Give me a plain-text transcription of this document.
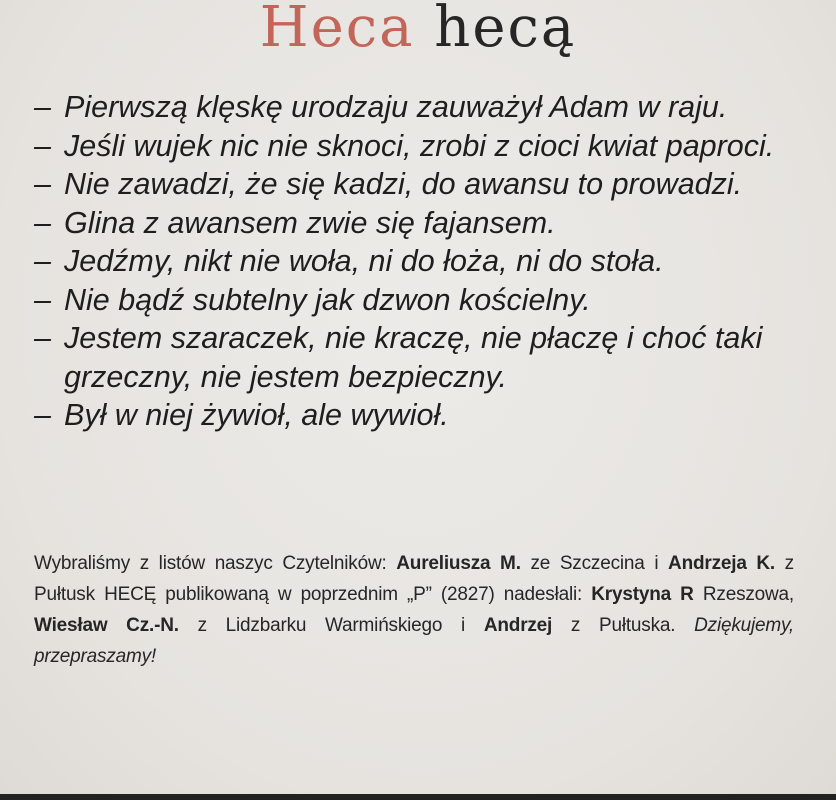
Heca hecą
– Pierwszą klęskę urodzaju zauważył Adam w raju.
– Jeśli wujek nic nie sknoci, zrobi z cioci kwiat paproci.
– Nie zawadzi, że się kadzi, do awansu to prowadzi.
– Glina z awansem zwie się fajansem.
– Jedźmy, nikt nie woła, ni do łoża, ni do stoła.
– Nie bądź subtelny jak dzwon kościelny.
– Jestem szaraczek, nie kraczę, nie płaczę i choć taki grzeczny, nie jestem bezpieczny.
– Był w niej żywioł, ale wywioł.

Wybraliśmy z listów naszyc Czytelników: Aureliusza M. ze Szczecina i Andrzeja K. z Pułtusk HECĘ publikowaną w poprzednim „P” (2827) nadesłali: Krystyna R Rzeszowa, Wiesław Cz.-N. z Lidzbarku Warmińskiego i Andrzej z Pułtuska. Dziękujemy, przepraszamy!
